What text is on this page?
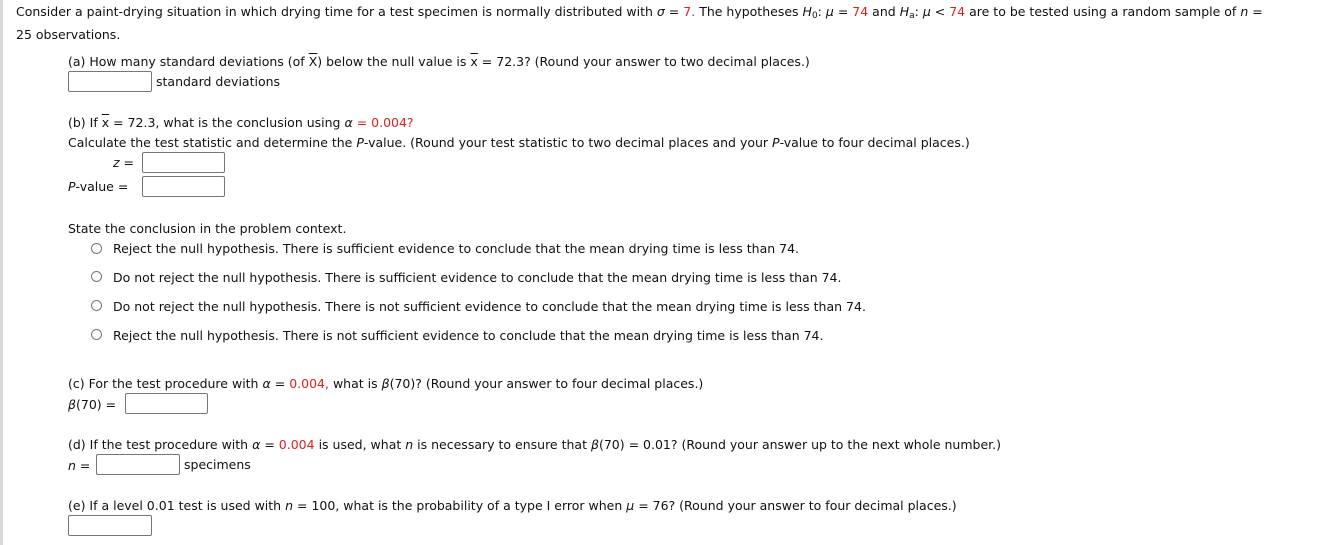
Consider a paint-drying situation in which drying time for a test specimen is normally distributed with σ = 7. The hypotheses $H_0$: μ = 74 and $H_a$: μ < 74 are to be tested using a random sample of n =
25 observations.
(a) How many standard deviations (of $\overline{X}$) below the null value is $\overline{x} = 72.3$? (Round your answer to two decimal places.)
standard deviations
(b) If $\overline{x} = 72.3$, what is the conclusion using α = 0.004?
Calculate the test statistic and determine the P-value. (Round your test statistic to two decimal places and your P-value to four decimal places.)
z =
P-value =
State the conclusion in the problem context.
Reject the null hypothesis. There is sufficient evidence to conclude that the mean drying time is less than 74.
Do not reject the null hypothesis. There is sufficient evidence to conclude that the mean drying time is less than 74.
Do not reject the null hypothesis. There is not sufficient evidence to conclude that the mean drying time is less than 74.
Reject the null hypothesis. There is not sufficient evidence to conclude that the mean drying time is less than 74.
(c) For the test procedure with α = 0.004, what is β(70)? (Round your answer to four decimal places.)
β(70) =
(d) If the test procedure with α = 0.004 is used, what n is necessary to ensure that β(70) = 0.01? (Round your answer up to the next whole number.)
n =	specimens
(e) If a level 0.01 test is used with n = 100, what is the probability of a type I error when μ = 76? (Round your answer to four decimal places.)
